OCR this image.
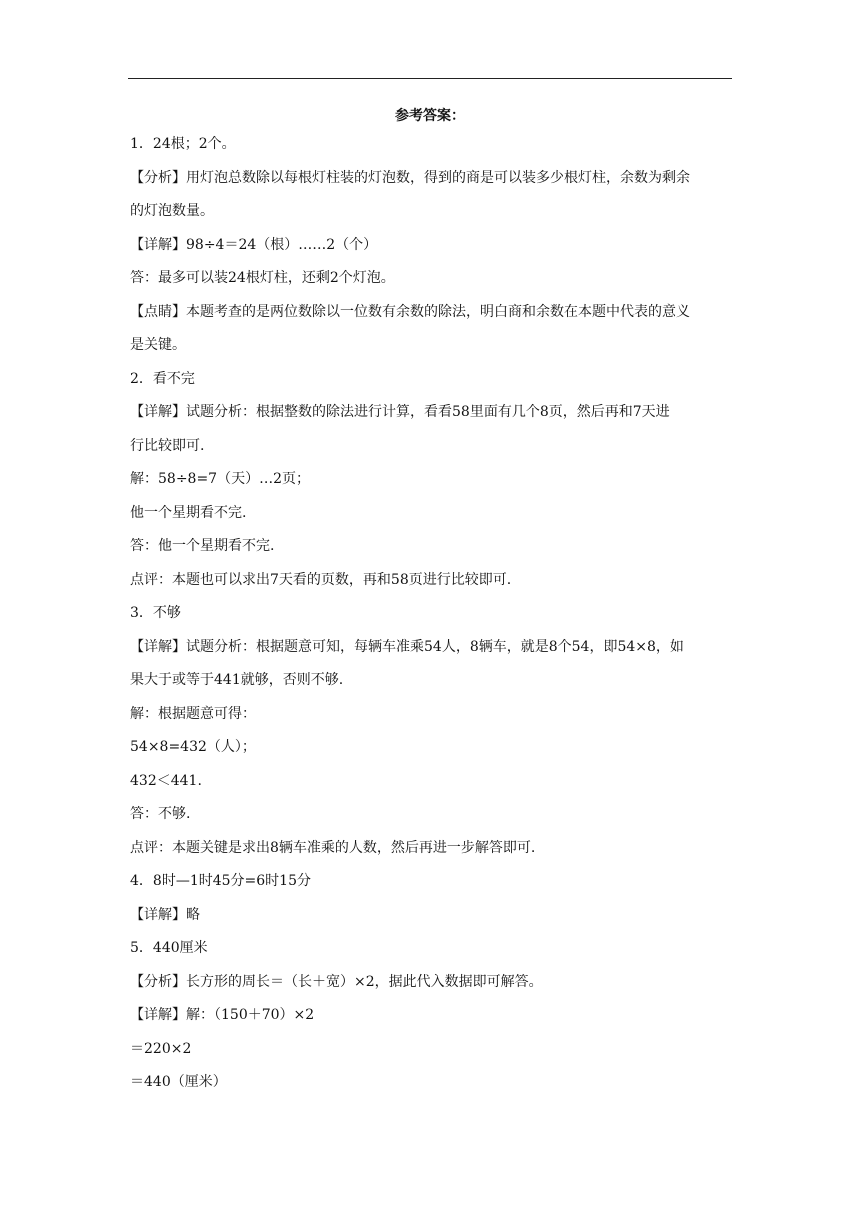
参考答案：
1．24根；2个。
【分析】用灯泡总数除以每根灯柱装的灯泡数，得到的商是可以装多少根灯柱，余数为剩余
的灯泡数量。
【详解】98÷4＝24（根）……2（个）
答：最多可以装24根灯柱，还剩2个灯泡。
【点睛】本题考查的是两位数除以一位数有余数的除法，明白商和余数在本题中代表的意义
是关键。
2．看不完
【详解】试题分析：根据整数的除法进行计算，看看58里面有几个8页，然后再和7天进
行比较即可.
解：58÷8=7（天）…2页；
他一个星期看不完.
答：他一个星期看不完.
点评：本题也可以求出7天看的页数，再和58页进行比较即可.
3．不够
【详解】试题分析：根据题意可知，每辆车准乘54人，8辆车，就是8个54，即54×8，如
果大于或等于441就够，否则不够.
解：根据题意可得：
54×8=432（人）；
432＜441.
答：不够.
点评：本题关键是求出8辆车准乘的人数，然后再进一步解答即可.
4．8时—1时45分=6时15分
【详解】略
5．440厘米
【分析】长方形的周长＝（长＋宽）×2，据此代入数据即可解答。
【详解】解：（150＋70）×2
＝220×2
＝440（厘米）
